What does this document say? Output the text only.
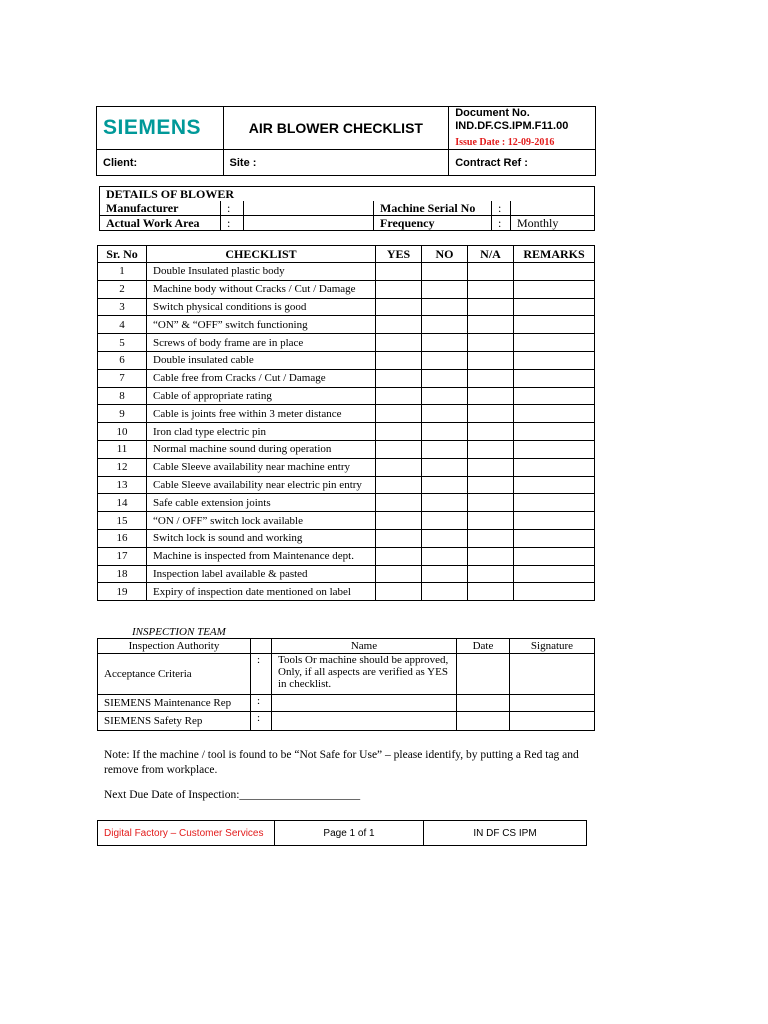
SIEMENS	AIR BLOWER CHECKLIST	Document No.
IND.DF.CS.IPM.F11.00
Issue Date : 12-09-2016

Client:	Site :	Contract Ref :
DETAILS OF BLOWER					
Manufacturer	:		Machine Serial No	:	
Actual Work Area	:		Frequency	:	Monthly
Sr. No	CHECKLIST	YES	NO	N/A	REMARKS
1	Double Insulated plastic body				
2	Machine body without Cracks / Cut / Damage				
3	Switch physical conditions is good				
4	“ON” & “OFF” switch functioning				
5	Screws of body frame are in place				
6	Double insulated cable				
7	Cable free from Cracks / Cut / Damage				
8	Cable of appropriate rating				
9	Cable is joints free within 3 meter distance				
10	Iron clad type electric pin				
11	Normal machine sound during operation				
12	Cable Sleeve availability near machine entry				
13	Cable Sleeve availability near electric pin entry				
14	Safe cable extension joints				
15	“ON / OFF” switch lock available				
16	Switch lock is sound and working				
17	Machine is inspected from Maintenance dept.				
18	Inspection label available & pasted				
19	Expiry of inspection date mentioned on label				
INSPECTION TEAM
Inspection Authority		Name	Date	Signature
Acceptance Criteria	:	Tools Or machine should be approved, Only, if all aspects are verified as YES in checklist.		
SIEMENS Maintenance Rep	:			
SIEMENS Safety Rep	:			
Note: If the machine / tool is found to be “Not Safe for Use” – please identify, by putting a Red tag and remove from workplace.
Next Due Date of Inspection:_____________________
Digital Factory – Customer Services	Page 1 of 1	IN DF CS IPM
